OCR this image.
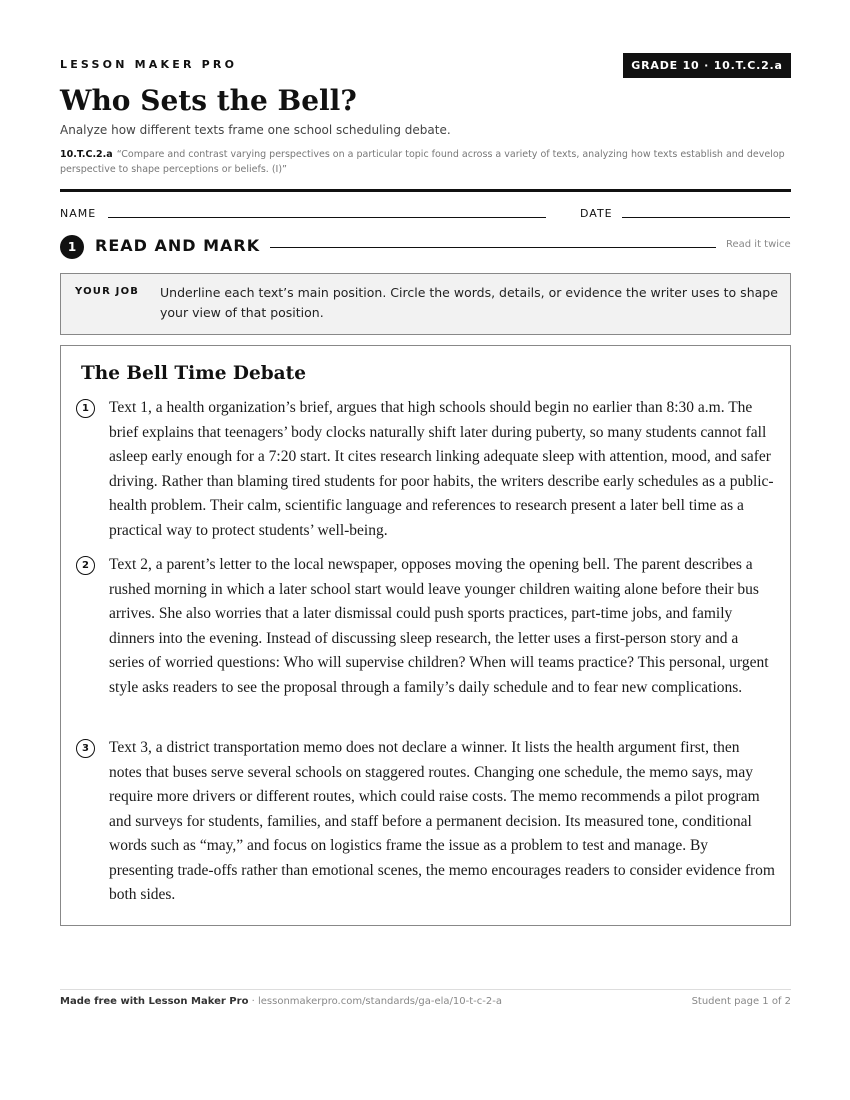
LESSON MAKER PRO	GRADE 10 · 10.T.C.2.a
Who Sets the Bell?
Analyze how different texts frame one school scheduling debate.
10.T.C.2.a “Compare and contrast varying perspectives on a particular topic found across a variety of texts, analyzing how texts establish and develop perspective to shape perceptions or beliefs. (I)”
NAME	DATE
1	READ AND MARK	Read it twice
YOUR JOB Underline each text’s main position. Circle the words, details, or evidence the writer uses to shape your view of that position.
The Bell Time Debate
1	Text 1, a health organization’s brief, argues that high schools should begin no earlier than 8:30 a.m. The brief explains that teenagers’ body clocks naturally shift later during puberty, so many students cannot fall asleep early enough for a 7:20 start. It cites research linking adequate sleep with attention, mood, and safer driving. Rather than blaming tired students for poor habits, the writers describe early schedules as a public-health problem. Their calm, scientific language and references to research present a later bell time as a practical way to protect students’ well-being.
2	Text 2, a parent’s letter to the local newspaper, opposes moving the opening bell. The parent describes a rushed morning in which a later school start would leave younger children waiting alone before their bus arrives. She also worries that a later dismissal could push sports practices, part-time jobs, and family dinners into the evening. Instead of discussing sleep research, the letter uses a first-person story and a series of worried questions: Who will supervise children? When will teams practice? This personal, urgent style asks readers to see the proposal through a family’s daily schedule and to fear new complications.
3	Text 3, a district transportation memo does not declare a winner. It lists the health argument first, then notes that buses serve several schools on staggered routes. Changing one schedule, the memo says, may require more drivers or different routes, which could raise costs. The memo recommends a pilot program and surveys for students, families, and staff before a permanent decision. Its measured tone, conditional words such as “may,” and focus on logistics frame the issue as a problem to test and manage. By presenting trade-offs rather than emotional scenes, the memo encourages readers to consider evidence from both sides.
Made free with Lesson Maker Pro · lessonmakerpro.com/standards/ga-ela/10-t-c-2-a	Student page 1 of 2
